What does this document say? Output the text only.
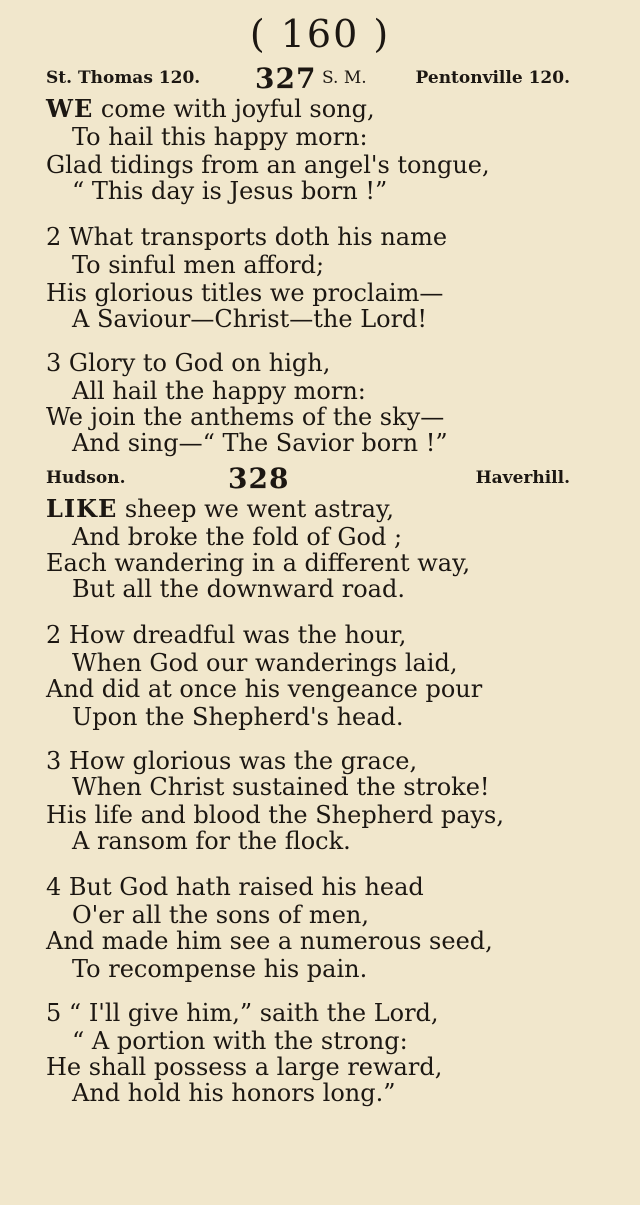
( 160 )
St. Thomas 120. 327 S. M.	Pentonville 120.
WE come with joyful song,
To hail this happy morn:
Glad tidings from an angel's tongue,
“ This day is Jesus born !”
2 What transports doth his name
To sinful men afford;
His glorious titles we proclaim—
A Saviour—Christ—the Lord!
3 Glory to God on high,
All hail the happy morn:
We join the anthems of the sky—
And sing—“ The Savior born !”
Hudson.	328	Haverhill.
LIKE sheep we went astray,
And broke the fold of God ;
Each wandering in a different way,
But all the downward road.
2 How dreadful was the hour,
When God our wanderings laid,
And did at once his vengeance pour
Upon the Shepherd's head.
3 How glorious was the grace,
When Christ sustained the stroke!
His life and blood the Shepherd pays,
A ransom for the flock.
4 But God hath raised his head
O'er all the sons of men,
And made him see a numerous seed,
To recompense his pain.
5 “ I'll give him,” saith the Lord,
“ A portion with the strong:
He shall possess a large reward,
And hold his honors long.”
